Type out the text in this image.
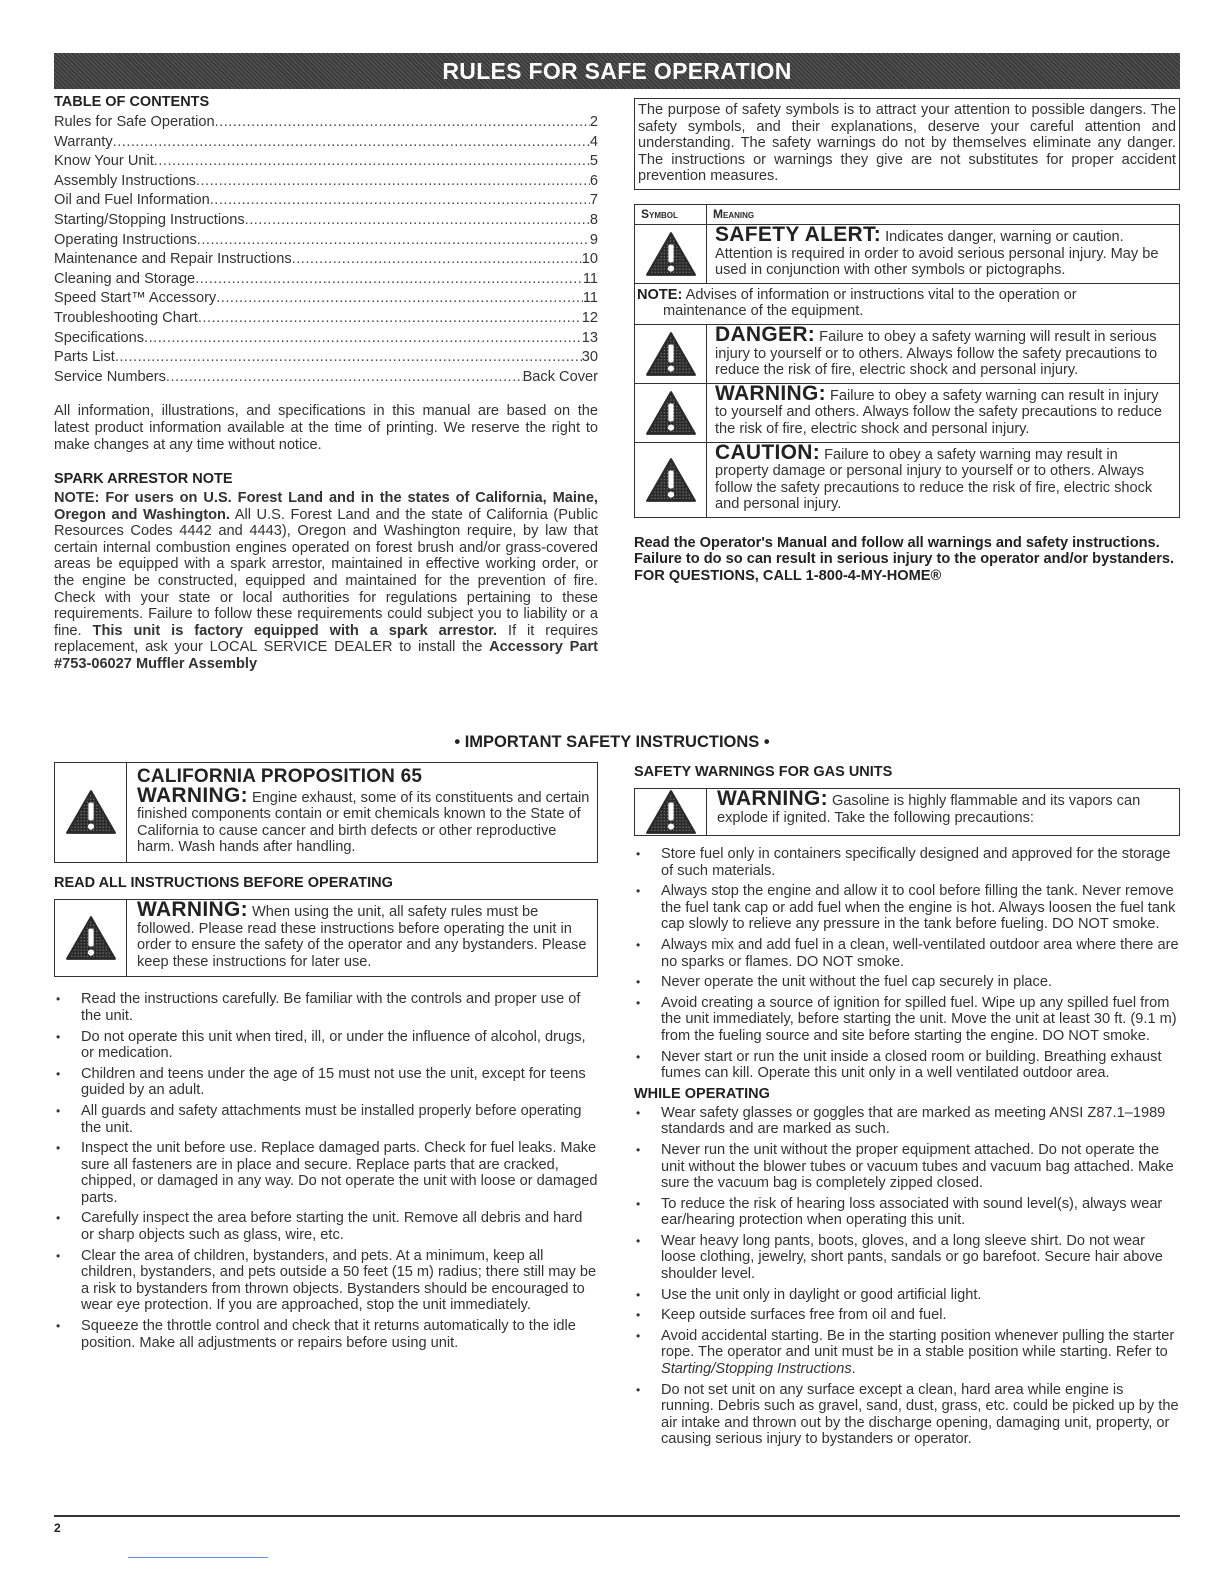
RULES FOR SAFE OPERATION
TABLE OF CONTENTS
Rules for Safe Operation .....	2
Warranty .....	4
Know Your Unit .....	5
Assembly Instructions .....	6
Oil and Fuel Information .....	7
Starting/Stopping Instructions .....	8
Operating Instructions .....	9
Maintenance and Repair Instructions .....	10
Cleaning and Storage .....	11
Speed Start™ Accessory .....	11
Troubleshooting Chart .....	12
Specifications .....	13
Parts List .....	30
Service Numbers .....	Back Cover

All information, illustrations, and specifications in this manual are based on the latest product information available at the time of printing. We reserve the right to make changes at any time without notice.

SPARK ARRESTOR NOTE

NOTE: For users on U.S. Forest Land and in the states of California, Maine, Oregon and Washington. All U.S. Forest Land and the state of California (Public Resources Codes 4442 and 4443), Oregon and Washington require, by law that certain internal combustion engines operated on forest brush and/or grass-covered areas be equipped with a spark arrestor, maintained in effective working order, or the engine be constructed, equipped and maintained for the prevention of fire. Check with your state or local authorities for regulations pertaining to these requirements. Failure to follow these requirements could subject you to liability or a fine. This unit is factory equipped with a spark arrestor. If it requires replacement, ask your LOCAL SERVICE DEALER to install the Accessory Part #753-06027 Muffler Assembly

The purpose of safety symbols is to attract your attention to possible dangers. The safety symbols, and their explanations, deserve your careful attention and understanding. The safety warnings do not by themselves eliminate any danger. The instructions or warnings they give are not substitutes for proper accident prevention measures.
Symbol	Meaning
SAFETY ALERT: Indicates danger, warning or caution. Attention is required in order to avoid serious personal injury. May be used in conjunction with other symbols or pictographs.
NOTE: Advises of information or instructions vital to the operation or
maintenance of the equipment.
DANGER: Failure to obey a safety warning will result in serious injury to yourself or to others. Always follow the safety precautions to reduce the risk of fire, electric shock and personal injury.
WARNING: Failure to obey a safety warning can result in injury to yourself and others. Always follow the safety precautions to reduce the risk of fire, electric shock and personal injury.
CAUTION: Failure to obey a safety warning may result in property damage or personal injury to yourself or to others. Always follow the safety precautions to reduce the risk of fire, electric shock and personal injury.

Read the Operator's Manual and follow all warnings and safety instructions. Failure to do so can result in serious injury to the operator and/or bystanders. FOR QUESTIONS, CALL 1-800-4-MY-HOME®

• IMPORTANT SAFETY INSTRUCTIONS •
CALIFORNIA PROPOSITION 65
WARNING: Engine exhaust, some of its constituents and certain finished components contain or emit chemicals known to the State of California to cause cancer and birth defects or other reproductive harm. Wash hands after handling.
READ ALL INSTRUCTIONS BEFORE OPERATING
WARNING: When using the unit, all safety rules must be followed. Please read these instructions before operating the unit in order to ensure the safety of the operator and any bystanders. Please keep these instructions for later use.
• Read the instructions carefully. Be familiar with the controls and proper use of the unit.
• Do not operate this unit when tired, ill, or under the influence of alcohol, drugs, or medication.
• Children and teens under the age of 15 must not use the unit, except for teens guided by an adult.
• All guards and safety attachments must be installed properly before operating the unit.
• Inspect the unit before use. Replace damaged parts. Check for fuel leaks. Make sure all fasteners are in place and secure. Replace parts that are cracked, chipped, or damaged in any way. Do not operate the unit with loose or damaged parts.
• Carefully inspect the area before starting the unit. Remove all debris and hard or sharp objects such as glass, wire, etc.
• Clear the area of children, bystanders, and pets. At a minimum, keep all children, bystanders, and pets outside a 50 feet (15 m) radius; there still may be a risk to bystanders from thrown objects. Bystanders should be encouraged to wear eye protection. If you are approached, stop the unit immediately.
• Squeeze the throttle control and check that it returns automatically to the idle position. Make all adjustments or repairs before using unit.
SAFETY WARNINGS FOR GAS UNITS
WARNING: Gasoline is highly flammable and its vapors can explode if ignited. Take the following precautions:
• Store fuel only in containers specifically designed and approved for the storage of such materials.
• Always stop the engine and allow it to cool before filling the tank. Never remove the fuel tank cap or add fuel when the engine is hot. Always loosen the fuel tank cap slowly to relieve any pressure in the tank before fueling. DO NOT smoke.
• Always mix and add fuel in a clean, well-ventilated outdoor area where there are no sparks or flames. DO NOT smoke.
• Never operate the unit without the fuel cap securely in place.
• Avoid creating a source of ignition for spilled fuel. Wipe up any spilled fuel from the unit immediately, before starting the unit. Move the unit at least 30 ft. (9.1 m) from the fueling source and site before starting the engine. DO NOT smoke.
• Never start or run the unit inside a closed room or building. Breathing exhaust fumes can kill. Operate this unit only in a well ventilated outdoor area.
WHILE OPERATING
• Wear safety glasses or goggles that are marked as meeting ANSI Z87.1–1989 standards and are marked as such.
• Never run the unit without the proper equipment attached. Do not operate the unit without the blower tubes or vacuum tubes and vacuum bag attached. Make sure the vacuum bag is completely zipped closed.
• To reduce the risk of hearing loss associated with sound level(s), always wear ear/hearing protection when operating this unit.
• Wear heavy long pants, boots, gloves, and a long sleeve shirt. Do not wear loose clothing, jewelry, short pants, sandals or go barefoot. Secure hair above shoulder level.
• Use the unit only in daylight or good artificial light.
• Keep outside surfaces free from oil and fuel.
• Avoid accidental starting. Be in the starting position whenever pulling the starter rope. The operator and unit must be in a stable position while starting. Refer to Starting/Stopping Instructions.
• Do not set unit on any surface except a clean, hard area while engine is running. Debris such as gravel, sand, dust, grass, etc. could be picked up by the air intake and thrown out by the discharge opening, damaging unit, property, or causing serious injury to bystanders or operator.
2
